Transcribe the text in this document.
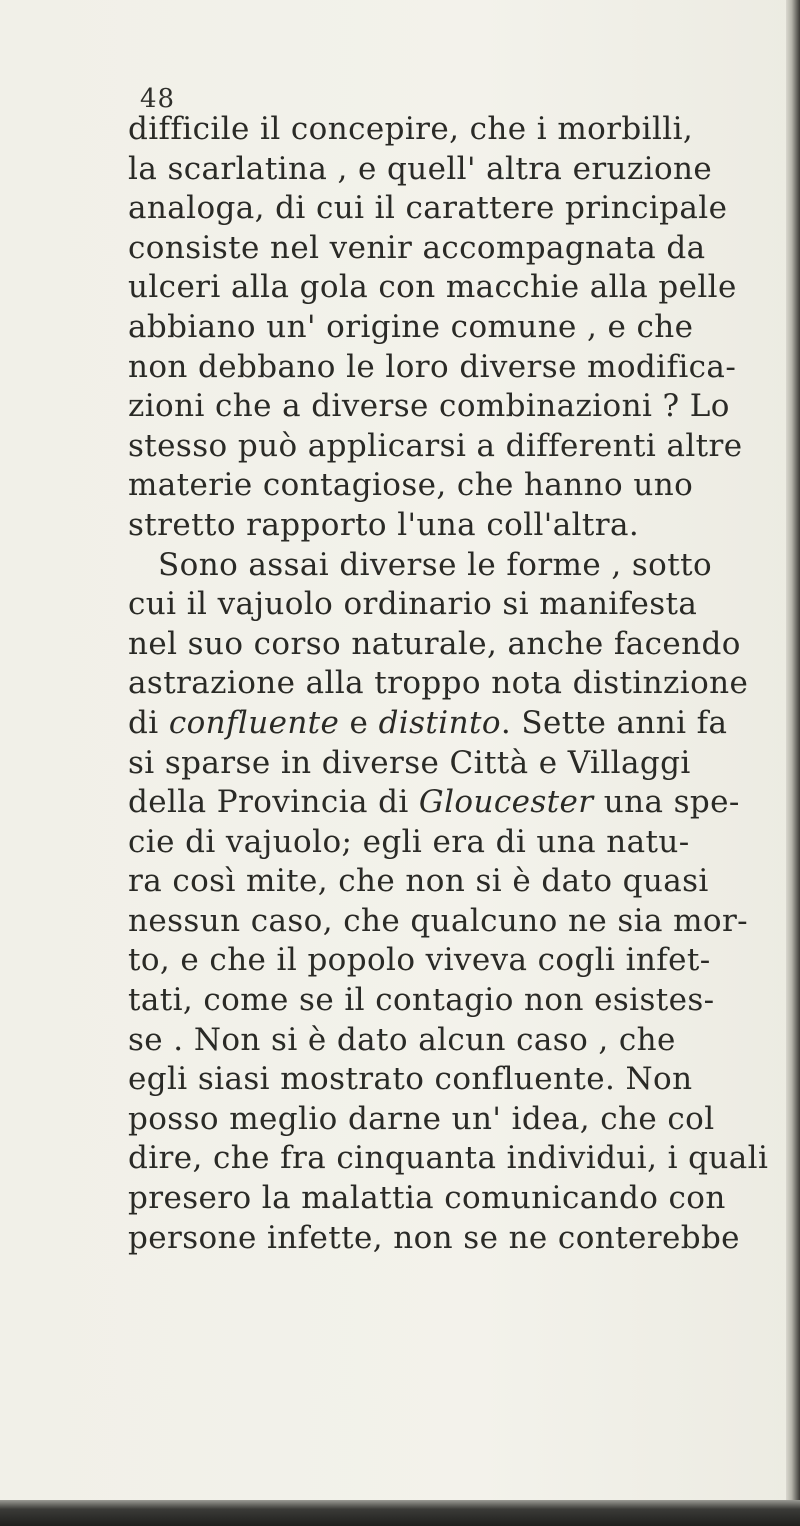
48
difficile il concepire, che i morbilli,
la scarlatina , e quell' altra eruzione
analoga, di cui il carattere principale
consiste nel venir accompagnata da
ulceri alla gola con macchie alla pelle
abbiano un' origine comune , e che
non debbano le loro diverse modifica-
zioni che a diverse combinazioni ? Lo
stesso può applicarsi a differenti altre
materie contagiose, che hanno uno
stretto rapporto l'una coll'altra.
Sono assai diverse le forme , sotto
cui il vajuolo ordinario si manifesta
nel suo corso naturale, anche facendo
astrazione alla troppo nota distinzione
di confluente e distinto. Sette anni fa
si sparse in diverse Città e Villaggi
della Provincia di Gloucester una spe-
cie di vajuolo; egli era di una natu-
ra così mite, che non si è dato quasi
nessun caso, che qualcuno ne sia mor-
to, e che il popolo viveva cogli infet-
tati, come se il contagio non esistes-
se . Non si è dato alcun caso , che
egli siasi mostrato confluente. Non
posso meglio darne un' idea, che col
dire, che fra cinquanta individui, i quali
presero la malattia comunicando con
persone infette, non se ne conterebbe
